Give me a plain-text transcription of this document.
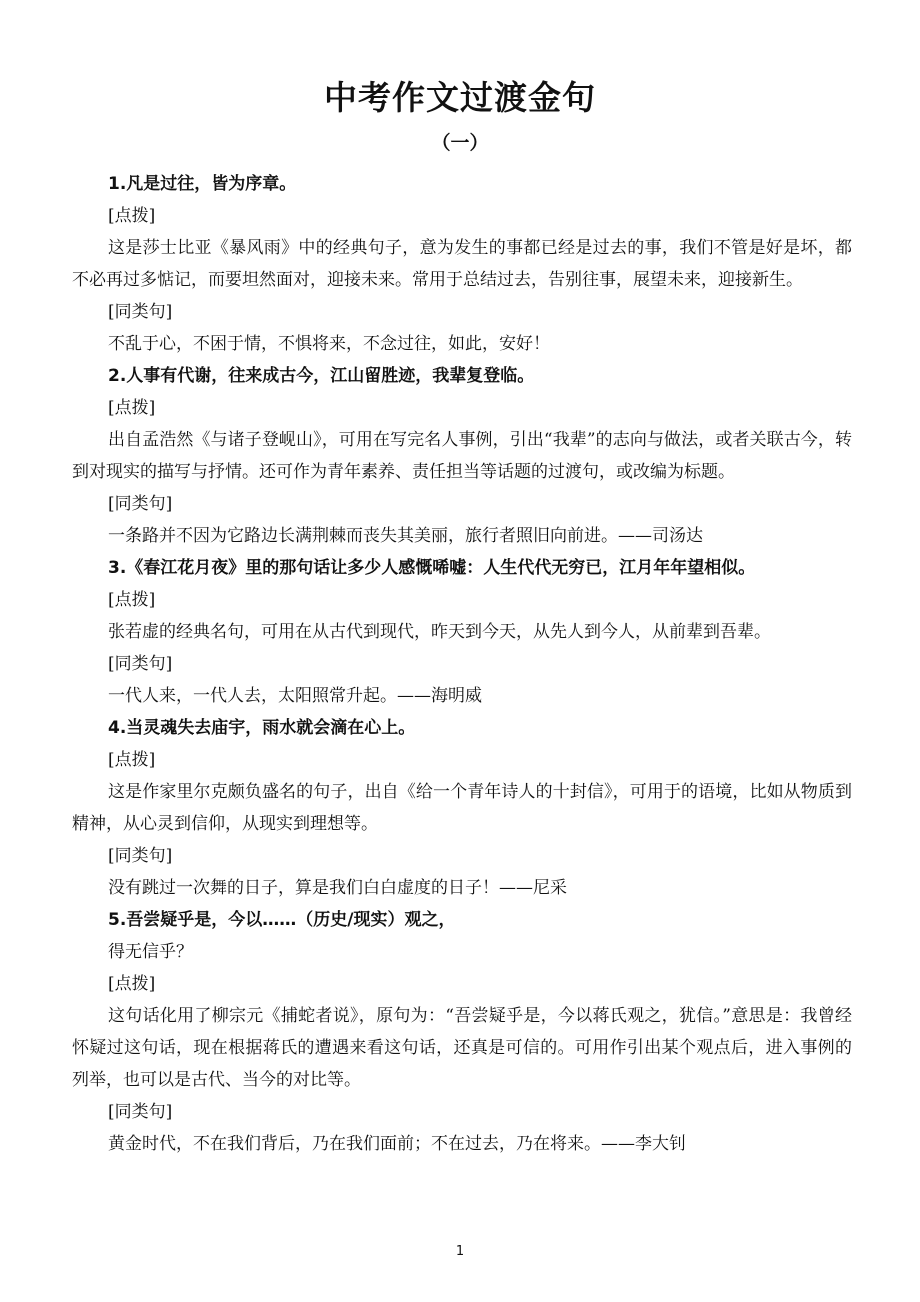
中考作文过渡金句
（一）

1.凡是过往，皆为序章。

[点拨]

这是莎士比亚《暴风雨》中的经典句子，意为发生的事都已经是过去的事，我们不管是好是坏，都不必再过多惦记，而要坦然面对，迎接未来。常用于总结过去，告别往事，展望未来，迎接新生。

[同类句]

不乱于心，不困于情，不惧将来，不念过往，如此，安好！

2.人事有代谢，往来成古今，江山留胜迹，我辈复登临。

[点拨]

出自孟浩然《与诸子登岘山》，可用在写完名人事例，引出“我辈”的志向与做法，或者关联古今，转到对现实的描写与抒情。还可作为青年素养、责任担当等话题的过渡句，或改编为标题。

[同类句]

一条路并不因为它路边长满荆棘而丧失其美丽，旅行者照旧向前进。——司汤达

3.《春江花月夜》里的那句话让多少人感慨唏嘘：人生代代无穷已，江月年年望相似。

[点拨]

张若虚的经典名句，可用在从古代到现代，昨天到今天，从先人到今人，从前辈到吾辈。

[同类句]

一代人来，一代人去，太阳照常升起。——海明威

4.当灵魂失去庙宇，雨水就会滴在心上。

[点拨]

这是作家里尔克颇负盛名的句子，出自《给一个青年诗人的十封信》，可用于的语境，比如从物质到精神，从心灵到信仰，从现实到理想等。

[同类句]

没有跳过一次舞的日子，算是我们白白虚度的日子！——尼采

5.吾尝疑乎是，今以……（历史/现实）观之，

得无信乎？

[点拨]

这句话化用了柳宗元《捕蛇者说》，原句为：“吾尝疑乎是，今以蒋氏观之，犹信。”意思是：我曾经怀疑过这句话，现在根据蒋氏的遭遇来看这句话，还真是可信的。可用作引出某个观点后，进入事例的列举，也可以是古代、当今的对比等。

[同类句]

黄金时代，不在我们背后，乃在我们面前；不在过去，乃在将来。——李大钊

1
